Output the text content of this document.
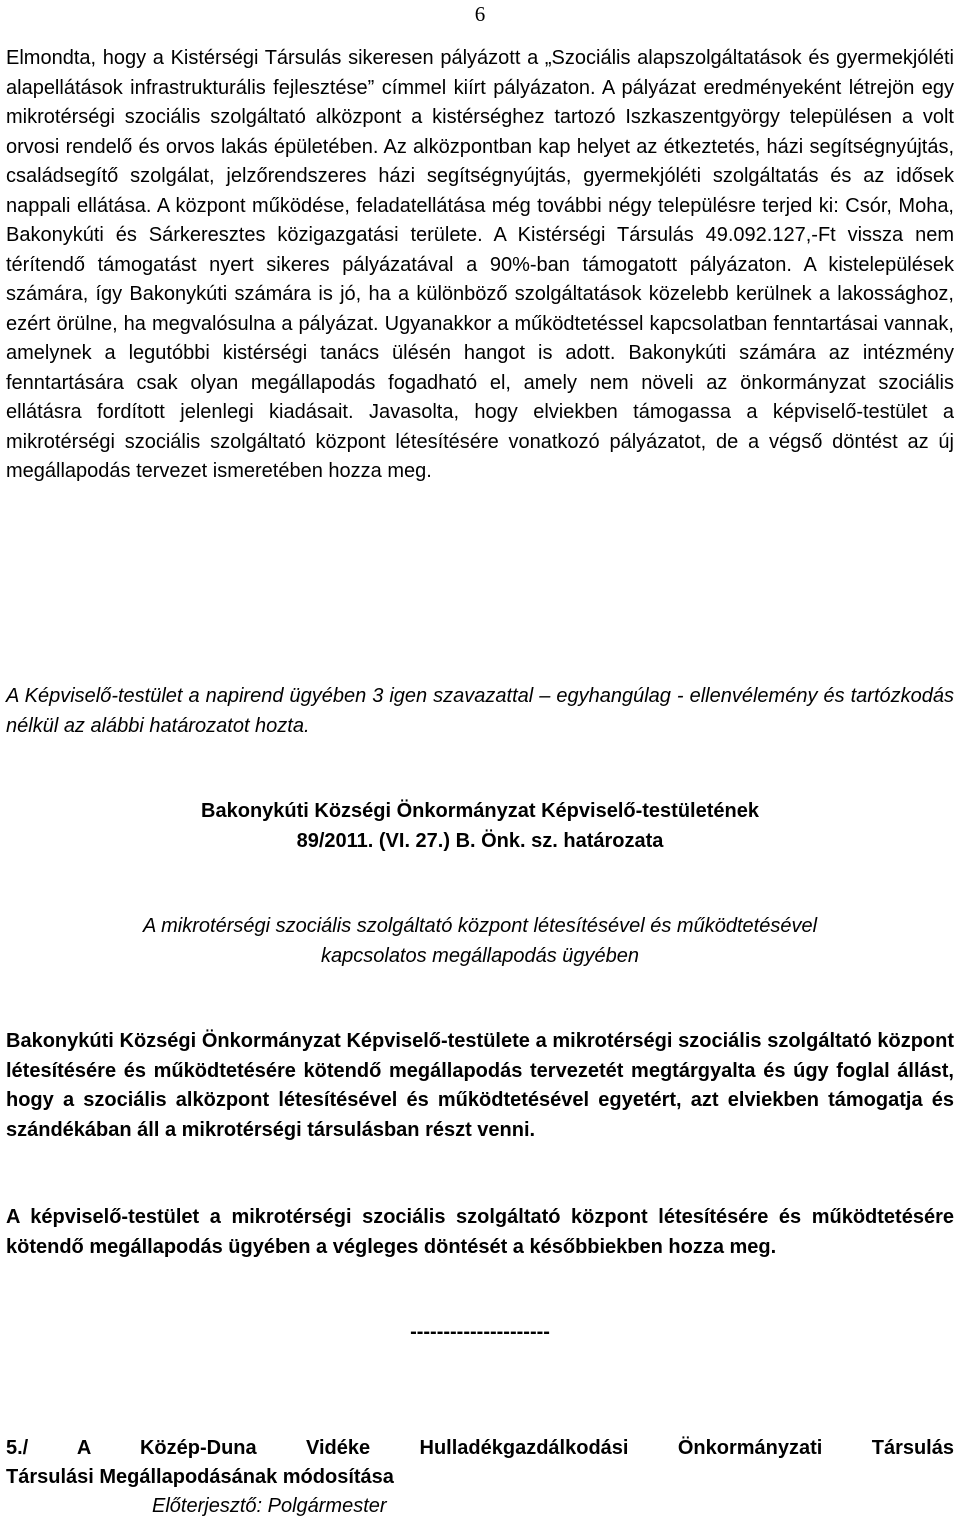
6

Elmondta, hogy a Kistérségi Társulás sikeresen pályázott a „Szociális alapszolgáltatások és gyermekjóléti alapellátások infrastrukturális fejlesztése” címmel kiírt pályázaton. A pályázat eredményeként létrejön egy mikrotérségi szociális szolgáltató alközpont a kistérséghez tartozó Iszkaszentgyörgy településen a volt orvosi rendelő és orvos lakás épületében. Az alközpontban kap helyet az étkeztetés, házi segítségnyújtás, családsegítő szolgálat, jelzőrendszeres házi segítségnyújtás, gyermekjóléti szolgáltatás és az idősek nappali ellátása. A központ működése, feladatellátása még további négy településre terjed ki: Csór, Moha, Bakonykúti és Sárkeresztes közigazgatási területe. A Kistérségi Társulás 49.092.127,-Ft vissza nem térítendő támogatást nyert sikeres pályázatával a 90%-ban támogatott pályázaton. A kistelepülések számára, így Bakonykúti számára is jó, ha a különböző szolgáltatások közelebb kerülnek a lakossághoz, ezért örülne, ha megvalósulna a pályázat. Ugyanakkor a működtetéssel kapcsolatban fenntartásai vannak, amelynek a legutóbbi kistérségi tanács ülésén hangot is adott. Bakonykúti számára az intézmény fenntartására csak olyan megállapodás fogadható el, amely nem növeli az önkormányzat szociális ellátásra fordított jelenlegi kiadásait. Javasolta, hogy elviekben támogassa a képviselő-testület a mikrotérségi szociális szolgáltató központ létesítésére vonatkozó pályázatot, de a végső döntést az új megállapodás tervezet ismeretében hozza meg.

A Képviselő-testület a napirend ügyében 3 igen szavazattal – egyhangúlag - ellenvélemény és tartózkodás nélkül az alábbi határozatot hozta.

Bakonykúti Községi Önkormányzat Képviselő-testületének
89/2011. (VI. 27.) B. Önk. sz. határozata
A mikrotérségi szociális szolgáltató központ létesítésével és működtetésével
kapcsolatos megállapodás ügyében

Bakonykúti Községi Önkormányzat Képviselő-testülete a mikrotérségi szociális szolgáltató központ létesítésére és működtetésére kötendő megállapodás tervezetét megtárgyalta és úgy foglal állást, hogy a szociális alközpont létesítésével és működtetésével egyetért, azt elviekben támogatja és szándékában áll a mikrotérségi társulásban részt venni.

A képviselő-testület a mikrotérségi szociális szolgáltató központ létesítésére és működtetésére kötendő megállapodás ügyében a végleges döntését a későbbiekben hozza meg.

---------------------
5./ A Közép-Duna Vidéke Hulladékgazdálkodási Önkormányzati Társulás
Társulási Megállapodásának módosítása
Előterjesztő: Polgármester
